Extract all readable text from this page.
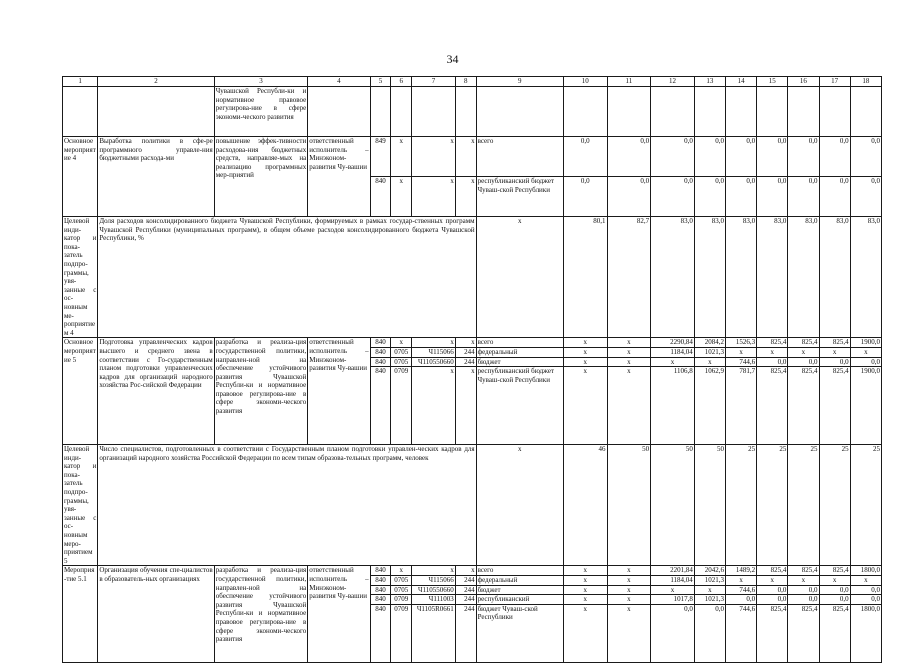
34
1	2	3	4	5	6	7	8	9	10	11	12	13	14	15	16	17	18
		Чувашской Республи-ки и нормативное правовое регулирова-ние в сфере экономи-ческого развития															
Основное мероприятие 4	Выработка политики в сфе-ре программного управле-ния бюджетными расхода-ми	повышение эффек-тивности расходова-ния бюджетных средств, направляе-мых на реализацию программных мер-приятий	ответственный исполнитель – Минэконом-развития Чу-вашии	849	x	x	x	всего	0,0	0,0	0,0	0,0	0,0	0,0	0,0	0,0	0,0
				840	x	x	x	республиканский бюджет Чуваш-ской Республики	0,0	0,0	0,0	0,0	0,0	0,0	0,0	0,0	0,0
Целевой инди-катор и пока-затель подпро-граммы, увя-занные с ос-новным ме-роприятием 4	Доля расходов консолидированного бюджета Чувашской Республики, формируемых в рамках государ-ственных программ Чувашской Республики (муниципальных программ), в общем объеме расходов консолидированного бюджета Чувашской Республики, %							x	80,1	82,7	83,0	83,0	83,0	83,0	83,0	83,0	83,0
Основное мероприятие 5	Подготовка управленческих кадров высшего и среднего звена в соответствии с Го-сударственным планом подготовки управленческих кадров для организаций народного хозяйства Рос-сийской Федерации	разработка и реализа-ция государственной политики, направлен-ной на обеспечение устойчивого развития Чувашской Республи-ки и нормативное правовое регулирова-ние в сфере экономи-ческого развития	ответственный исполнитель – Минэконом-развития Чу-вашии	840	x	x	x	всего	x	x	2290,84	2084,2	1526,3	825,4	825,4	825,4	1900,0
				840	0705	Ч115066	244	федеральный	x	x	1184,04	1021,3	x	x	x	x	x
				840	0705	Ч110550660	244	бюджет	x	x	x	x	744,6	0,0	0,0	0,0	0,0
				840	0709	x	x	республиканский бюджет Чуваш-ской Республики	x	x	1106,8	1062,9	781,7	825,4	825,4	825,4	1900,0
Целевой инди-катор и пока-затель подпро-граммы, увя-занные с ос-новным меро-приятием 5	Число специалистов, подготовленных в соответствии с Государственным планом подготовки управлен-ческих кадров для организаций народного хозяйства Российской Федерации по всем типам образова-тельных программ, человек							x	46	50	50	50	25	25	25	25	25
Мероприя-тие 5.1	Организация обучения спе-циалистов в образователь-ных организациях	разработка и реализа-ция государственной политики, направлен-ной на обеспечение устойчивого развития Чувашской Республи-ки и нормативное правовое регулирова-ние в сфере экономи-ческого развития	ответственный исполнитель – Минэконом-развития Чу-вашии	840	x	x	x	всего	x	x	2201,84	2042,6	1489,2	825,4	825,4	825,4	1800,0
				840	0705	Ч115066	244	федеральный	x	x	1184,04	1021,3	x	x	x	x	x
				840	0705	Ч110550660	244	бюджет	x	x	x	x	744,6	0,0	0,0	0,0	0,0
				840	0709	Ч111003	244	республиканский	x	x	1017,8	1021,3	0,0	0,0	0,0	0,0	0,0
				840	0709	Ч1105R0661	244	бюджет Чуваш-ской Республики	x	x	0,0	0,0	744,6	825,4	825,4	825,4	1800,0
